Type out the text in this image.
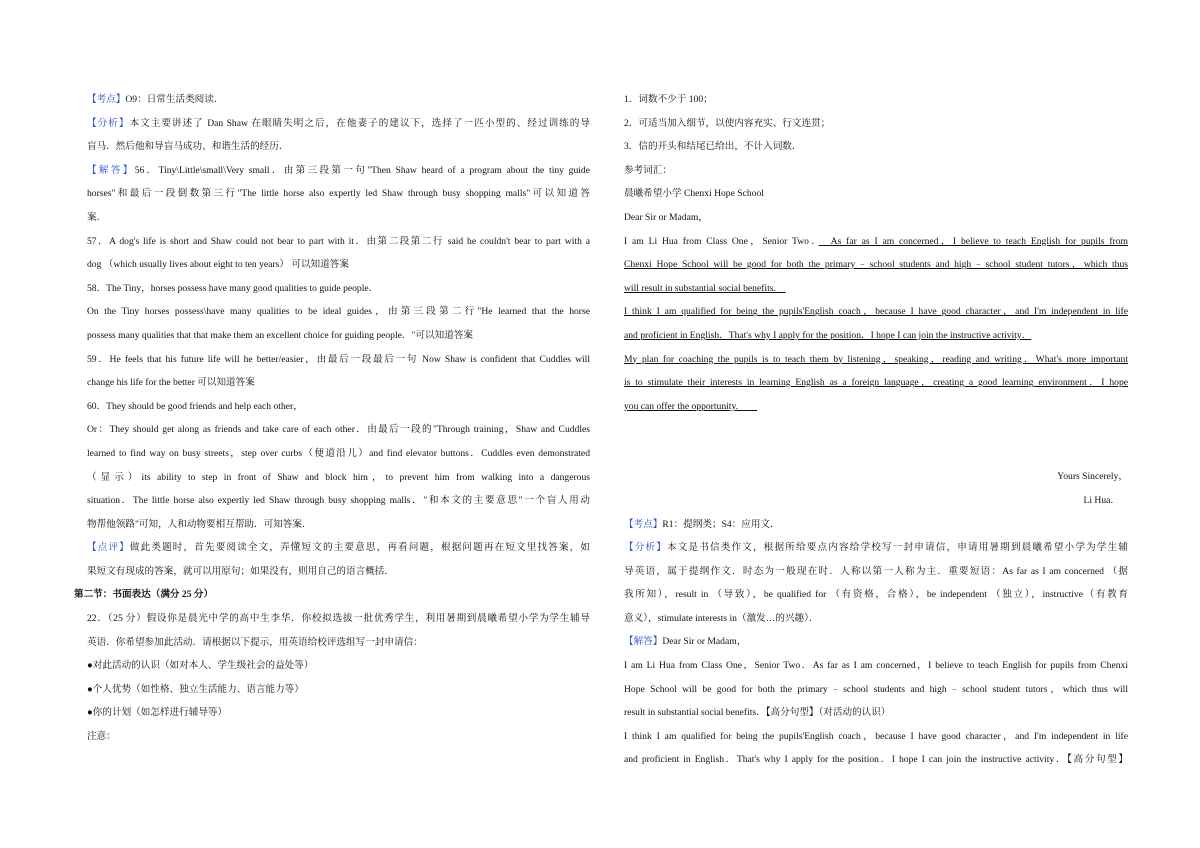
【考点】O9：日常生活类阅读．
【分析】本文主要讲述了 Dan Shaw 在眼睛失明之后，在他妻子的建议下，选择了一匹小型的、经过训练的导
盲马．然后他和导盲马成功、和谐生活的经历．
【解答】56．Tiny\Little\small\Very small．由第三段第一句"Then Shaw heard of a program about the tiny guide
horses"和最后一段倒数第三行"The little horse also expertly led Shaw through busy shopping malls"可以知道答
案．
57．A dog's life is short and Shaw could not bear to part with it．由第二段第二行 said he couldn't bear to part with a
dog （which usually lives about eight to ten years） 可以知道答案
58．The Tiny，horses possess have many good qualities to guide people．
On the Tiny horses possess\have many qualities to be ideal guides，由第三段第二行"He learned that the horse
possess many qualities that that make them an excellent choice for guiding people．"可以知道答案
59．He feels that his future life will he better/easier，由最后一段最后一句 Now Shaw is confident that Cuddles will
change his life for the better 可以知道答案
60．They should be good friends and help each other，
Or：They should get along as friends and take care of each other．由最后一段的"Through training，Shaw and Cuddles
learned to find way on busy streets，step over curbs（便道沿儿）and find elevator buttons．Cuddles even demonstrated
（显示）its ability to step in front of Shaw and block him，to prevent him from walking into a dangerous
situation．The little horse also expertly led Shaw through busy shopping malls．"和本文的主要意思"一个盲人用动
物帮他领路"可知，人和动物要相互帮助．可知答案．
【点评】做此类题时，首先要阅读全文，弄懂短文的主要意思，再看问题，根据问题再在短文里找答案，如
果短文有现成的答案，就可以用原句；如果没有，则用自己的语言概括．
第二节：书面表达（满分 25 分）
22．（25 分）假设你是晨光中学的高中生李华．你校拟选拔一批优秀学生，利用暑期到晨曦希望小学为学生辅导
英语．你希望参加此活动．请根据以下提示，用英语给校评选组写一封申请信：
●对此活动的认识（如对本人、学生级社会的益处等）
●个人优势（如性格、独立生活能力、语言能力等）
●你的计划（如怎样进行辅导等）
注意：
1．词数不少于 100；
2．可适当加入细节，以使内容充实、行文连贯；
3．信的开头和结尾已给出，不计入词数．
参考词汇：
晨曦希望小学 Chenxi Hope School
Dear Sir or Madam，
I am Li Hua from Class One，Senior Two．　As far as I am concerned，I believe to teach English for pupils from
Chenxi Hope School will be good for both the primary﹣school students and high﹣school student tutors，which thus
will result in substantial social benefits.　
I think I am qualified for being the pupils'English coach，because I have good character，and I'm independent in life
and proficient in English．That's why I apply for the position．I hope I can join the instructive activity．
My plan for coaching the pupils is to teach them by listening，speaking，reading and writing．What's more important
is to stimulate their interests in learning English as a foreign language，creating a good learning environment．I hope
you can offer the opportunity.　　
Yours Sincerely，
Li Hua．
【考点】R1：提纲类；S4：应用文．
【分析】本文是书信类作文，根据所给要点内容给学校写一封申请信，申请用暑期到晨曦希望小学为学生辅
导英语，属于提纲作文．时态为一般现在时．人称以第一人称为主．重要短语：As far as I am concerned （据
我所知），result in （导致），be qualified for （有资格，合格），be independent （独立），instructive（有教育
意义），stimulate interests in（激发…的兴趣）．
【解答】Dear Sir or Madam，
I am Li Hua from Class One，Senior Two．As far as I am concerned，I believe to teach English for pupils from Chenxi
Hope School will be good for both the primary﹣school students and high﹣school student tutors，which thus will
result in substantial social benefits．【高分句型】（对活动的认识）
I think I am qualified for being the pupils'English coach，because I have good character，and I'm independent in life
and proficient in English．That's why I apply for the position．I hope I can join the instructive activity．【高分句型】
